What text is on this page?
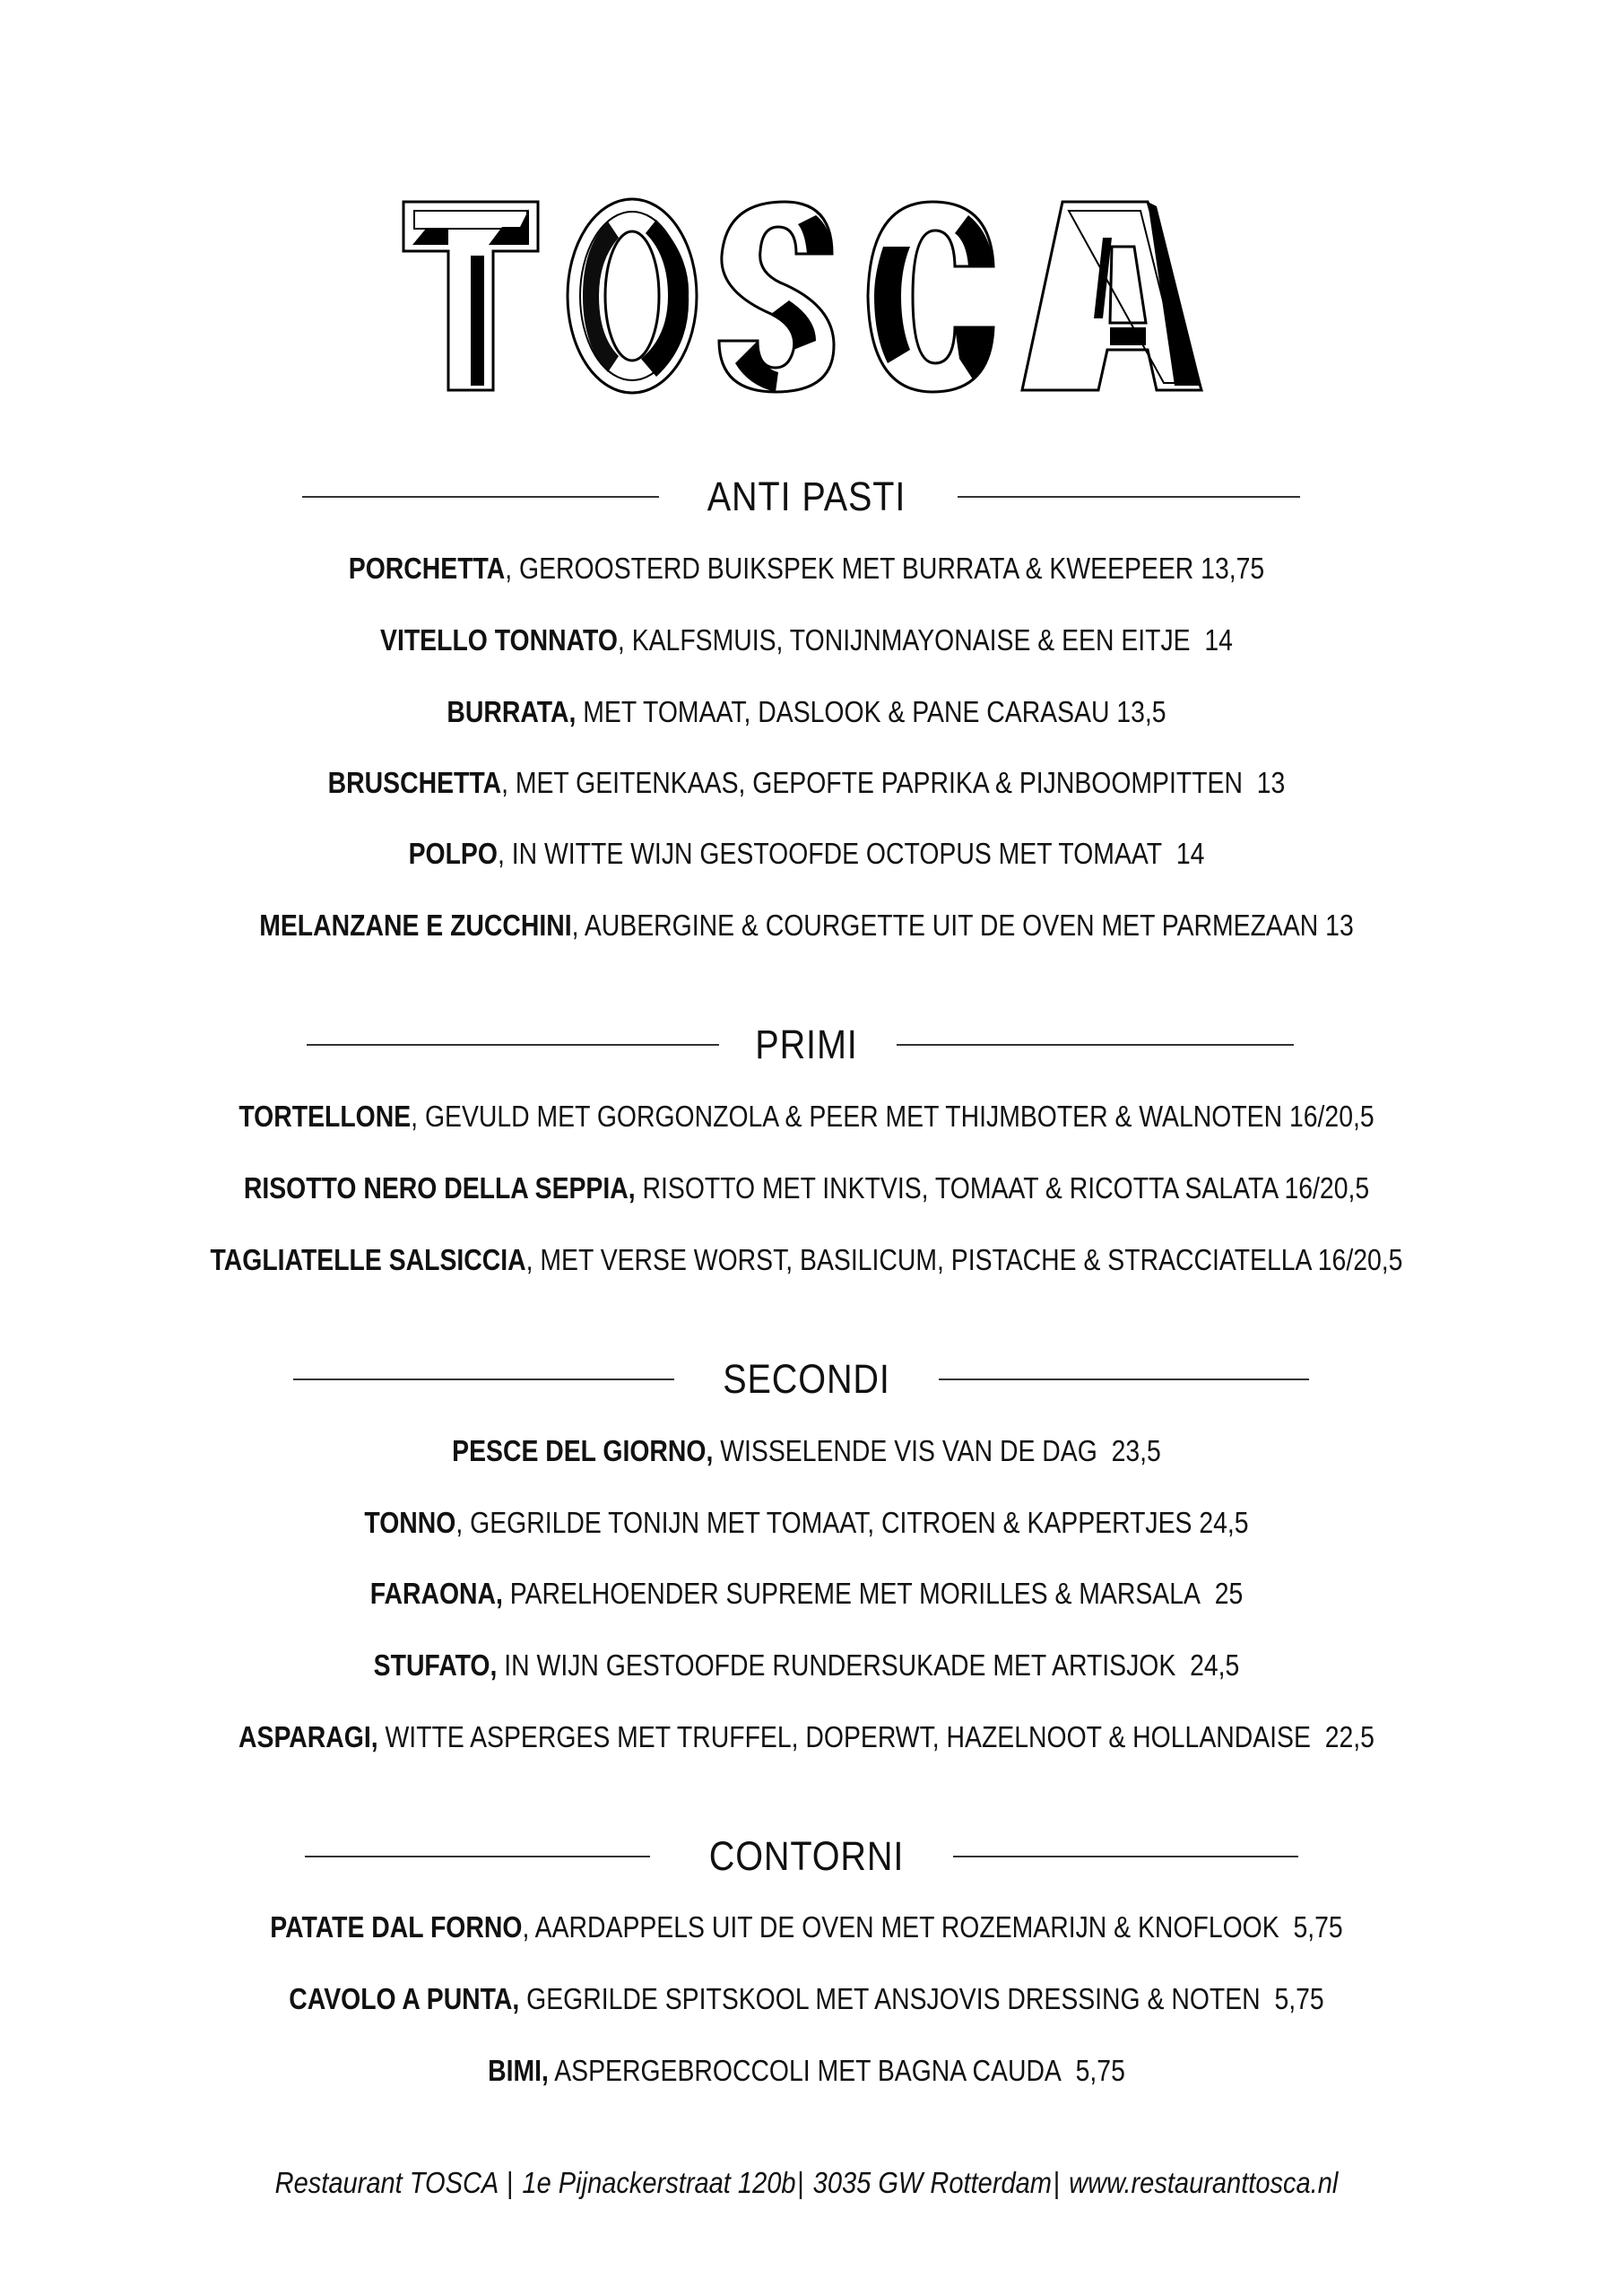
ANTI PASTI
PORCHETTA, GEROOSTERD BUIKSPEK MET BURRATA & KWEEPEER 13,75
VITELLO TONNATO, KALFSMUIS, TONIJNMAYONAISE & EEN EITJE 14
BURRATA, MET TOMAAT, DASLOOK & PANE CARASAU 13,5
BRUSCHETTA, MET GEITENKAAS, GEPOFTE PAPRIKA & PIJNBOOMPITTEN 13
POLPO, IN WITTE WIJN GESTOOFDE OCTOPUS MET TOMAAT 14
MELANZANE E ZUCCHINI, AUBERGINE & COURGETTE UIT DE OVEN MET PARMEZAAN 13
PRIMI
TORTELLONE, GEVULD MET GORGONZOLA & PEER MET THIJMBOTER & WALNOTEN 16/20,5
RISOTTO NERO DELLA SEPPIA, RISOTTO MET INKTVIS, TOMAAT & RICOTTA SALATA 16/20,5
TAGLIATELLE SALSICCIA, MET VERSE WORST, BASILICUM, PISTACHE & STRACCIATELLA 16/20,5
SECONDI
PESCE DEL GIORNO, WISSELENDE VIS VAN DE DAG 23,5
TONNO, GEGRILDE TONIJN MET TOMAAT, CITROEN & KAPPERTJES 24,5
FARAONA, PARELHOENDER SUPREME MET MORILLES & MARSALA 25
STUFATO, IN WIJN GESTOOFDE RUNDERSUKADE MET ARTISJOK 24,5
ASPARAGI, WITTE ASPERGES MET TRUFFEL, DOPERWT, HAZELNOOT & HOLLANDAISE 22,5
CONTORNI
PATATE DAL FORNO, AARDAPPELS UIT DE OVEN MET ROZEMARIJN & KNOFLOOK 5,75
CAVOLO A PUNTA, GEGRILDE SPITSKOOL MET ANSJOVIS DRESSING & NOTEN 5,75
BIMI, ASPERGEBROCCOLI MET BAGNA CAUDA 5,75
Restaurant TOSCA | 1e Pijnackerstraat 120b| 3035 GW Rotterdam| www.restauranttosca.nl
